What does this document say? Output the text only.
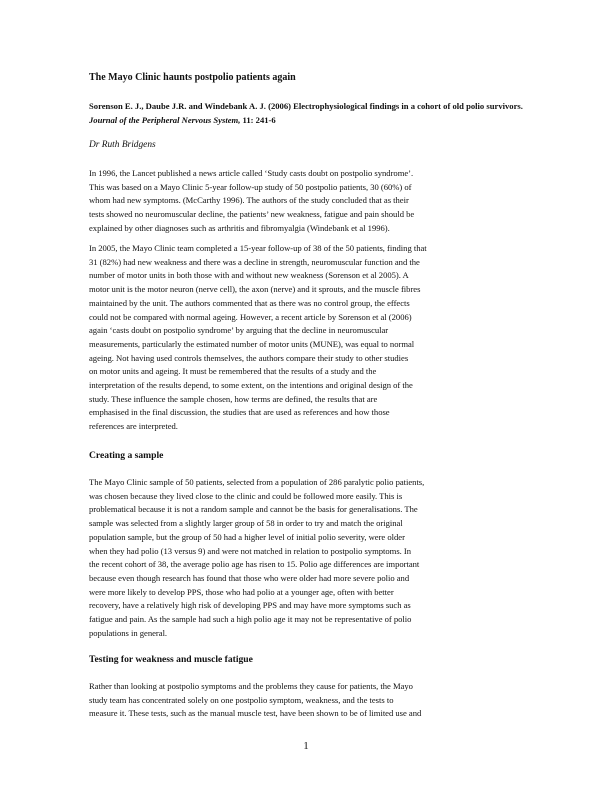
The Mayo Clinic haunts postpolio patients again

Sorenson E. J., Daube J.R. and Windebank A. J. (2006) Electrophysiological findings in a cohort of old polio survivors. Journal of the Peripheral Nervous System, 11: 241-6

Dr Ruth Bridgens

In 1996, the Lancet published a news article called ‘Study casts doubt on postpolio syndrome’.
This was based on a Mayo Clinic 5-year follow-up study of 50 postpolio patients, 30 (60%) of
whom had new symptoms. (McCarthy 1996). The authors of the study concluded that as their
tests showed no neuromuscular decline, the patients’ new weakness, fatigue and pain should be
explained by other diagnoses such as arthritis and fibromyalgia (Windebank et al 1996).
In 2005, the Mayo Clinic team completed a 15-year follow-up of 38 of the 50 patients, finding that
31 (82%) had new weakness and there was a decline in strength, neuromuscular function and the
number of motor units in both those with and without new weakness (Sorenson et al 2005). A
motor unit is the motor neuron (nerve cell), the axon (nerve) and it sprouts, and the muscle fibres
maintained by the unit. The authors commented that as there was no control group, the effects
could not be compared with normal ageing. However, a recent article by Sorenson et al (2006)
again ‘casts doubt on postpolio syndrome’ by arguing that the decline in neuromuscular
measurements, particularly the estimated number of motor units (MUNE), was equal to normal
ageing. Not having used controls themselves, the authors compare their study to other studies
on motor units and ageing. It must be remembered that the results of a study and the
interpretation of the results depend, to some extent, on the intentions and original design of the
study. These influence the sample chosen, how terms are defined, the results that are
emphasised in the final discussion, the studies that are used as references and how those
references are interpreted.
Creating a sample
The Mayo Clinic sample of 50 patients, selected from a population of 286 paralytic polio patients,
was chosen because they lived close to the clinic and could be followed more easily. This is
problematical because it is not a random sample and cannot be the basis for generalisations. The
sample was selected from a slightly larger group of 58 in order to try and match the original
population sample, but the group of 50 had a higher level of initial polio severity, were older
when they had polio (13 versus 9) and were not matched in relation to postpolio symptoms. In
the recent cohort of 38, the average polio age has risen to 15. Polio age differences are important
because even though research has found that those who were older had more severe polio and
were more likely to develop PPS, those who had polio at a younger age, often with better
recovery, have a relatively high risk of developing PPS and may have more symptoms such as
fatigue and pain. As the sample had such a high polio age it may not be representative of polio
populations in general.
Testing for weakness and muscle fatigue
Rather than looking at postpolio symptoms and the problems they cause for patients, the Mayo
study team has concentrated solely on one postpolio symptom, weakness, and the tests to
measure it. These tests, such as the manual muscle test, have been shown to be of limited use and
1
